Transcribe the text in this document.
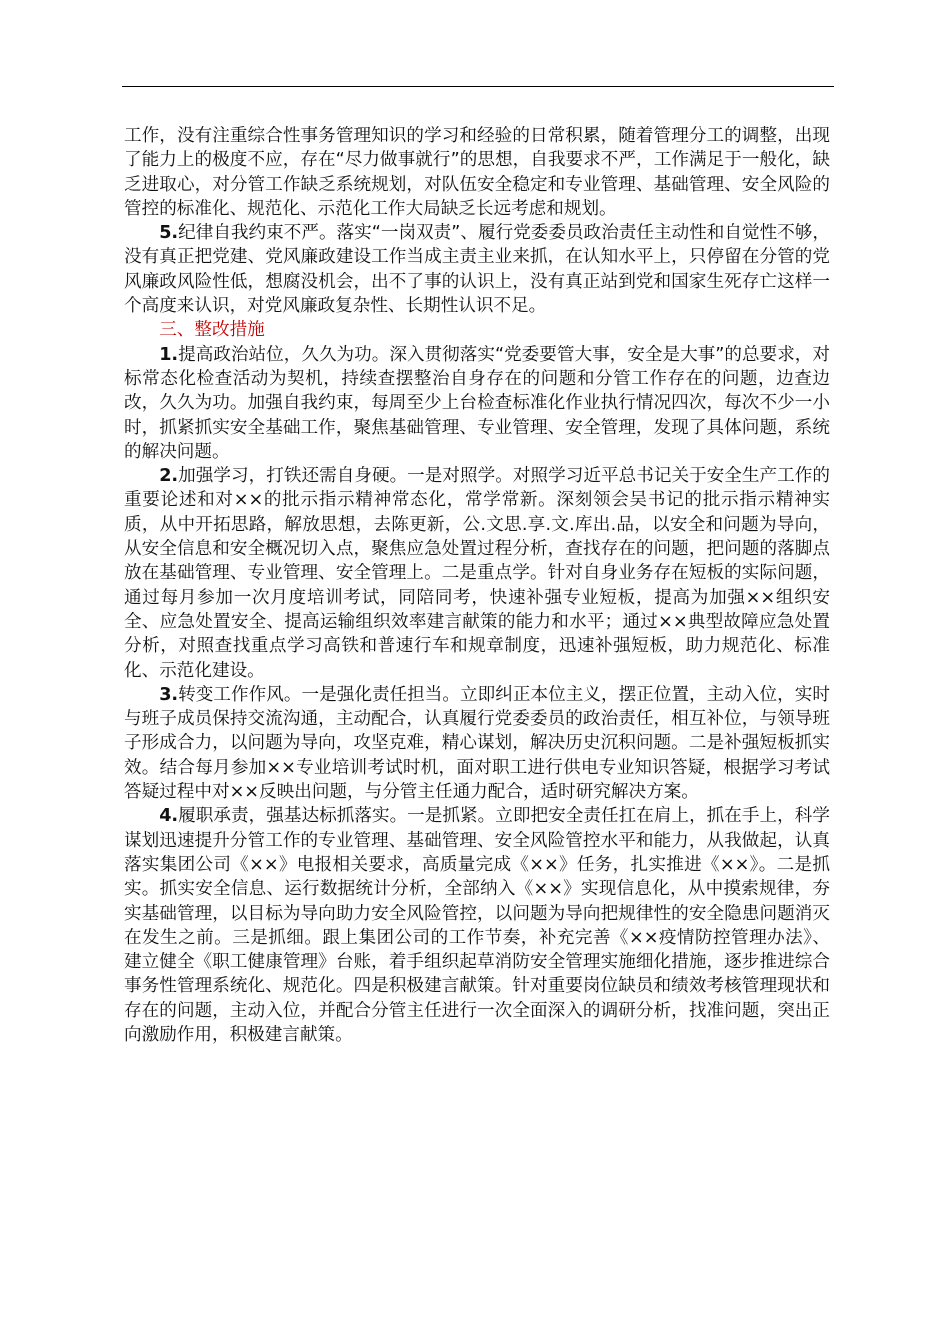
工作，没有注重综合性事务管理知识的学习和经验的日常积累，随着管理分工的调整，出现了能力上的极度不应，存在“尽力做事就行”的思想，自我要求不严，工作满足于一般化，缺乏进取心，对分管工作缺乏系统规划，对队伍安全稳定和专业管理、基础管理、安全风险的管控的标准化、规范化、示范化工作大局缺乏长远考虑和规划。

5.纪律自我约束不严。落实“一岗双责”、履行党委委员政治责任主动性和自觉性不够，没有真正把党建、党风廉政建设工作当成主责主业来抓，在认知水平上，只停留在分管的党风廉政风险性低，想腐没机会，出不了事的认识上，没有真正站到党和国家生死存亡这样一个高度来认识，对党风廉政复杂性、长期性认识不足。

三、整改措施

1.提高政治站位，久久为功。深入贯彻落实“党委要管大事，安全是大事”的总要求，对标常态化检查活动为契机，持续查摆整治自身存在的问题和分管工作存在的问题，边查边改，久久为功。加强自我约束，每周至少上台检查标准化作业执行情况四次，每次不少一小时，抓紧抓实安全基础工作，聚焦基础管理、专业管理、安全管理，发现了具体问题，系统的解决问题。

2.加强学习，打铁还需自身硬。一是对照学。对照学习近平总书记关于安全生产工作的重要论述和对××的批示指示精神常态化，常学常新。深刻领会吴书记的批示指示精神实质，从中开拓思路，解放思想，去陈更新，公.文思.享.文.库出.品，以安全和问题为导向，从安全信息和安全概况切入点，聚焦应急处置过程分析，查找存在的问题，把问题的落脚点放在基础管理、专业管理、安全管理上。二是重点学。针对自身业务存在短板的实际问题，通过每月参加一次月度培训考试，同陪同考，快速补强专业短板，提高为加强××组织安全、应急处置安全、提高运输组织效率建言献策的能力和水平；通过××典型故障应急处置分析，对照查找重点学习高铁和普速行车和规章制度，迅速补强短板，助力规范化、标准化、示范化建设。

3.转变工作作风。一是强化责任担当。立即纠正本位主义，摆正位置，主动入位，实时与班子成员保持交流沟通，主动配合，认真履行党委委员的政治责任，相互补位，与领导班子形成合力，以问题为导向，攻坚克难，精心谋划，解决历史沉积问题。二是补强短板抓实效。结合每月参加××专业培训考试时机，面对职工进行供电专业知识答疑，根据学习考试答疑过程中对××反映出问题，与分管主任通力配合，适时研究解决方案。

4.履职承责，强基达标抓落实。一是抓紧。立即把安全责任扛在肩上，抓在手上，科学谋划迅速提升分管工作的专业管理、基础管理、安全风险管控水平和能力，从我做起，认真落实集团公司《××》电报相关要求，高质量完成《××》任务，扎实推进《××》。二是抓实。抓实安全信息、运行数据统计分析，全部纳入《××》实现信息化，从中摸索规律，夯实基础管理，以目标为导向助力安全风险管控，以问题为导向把规律性的安全隐患问题消灭在发生之前。三是抓细。跟上集团公司的工作节奏，补充完善《××疫情防控管理办法》、建立健全《职工健康管理》台账，着手组织起草消防安全管理实施细化措施，逐步推进综合事务性管理系统化、规范化。四是积极建言献策。针对重要岗位缺员和绩效考核管理现状和存在的问题，主动入位，并配合分管主任进行一次全面深入的调研分析，找准问题，突出正向激励作用，积极建言献策。
